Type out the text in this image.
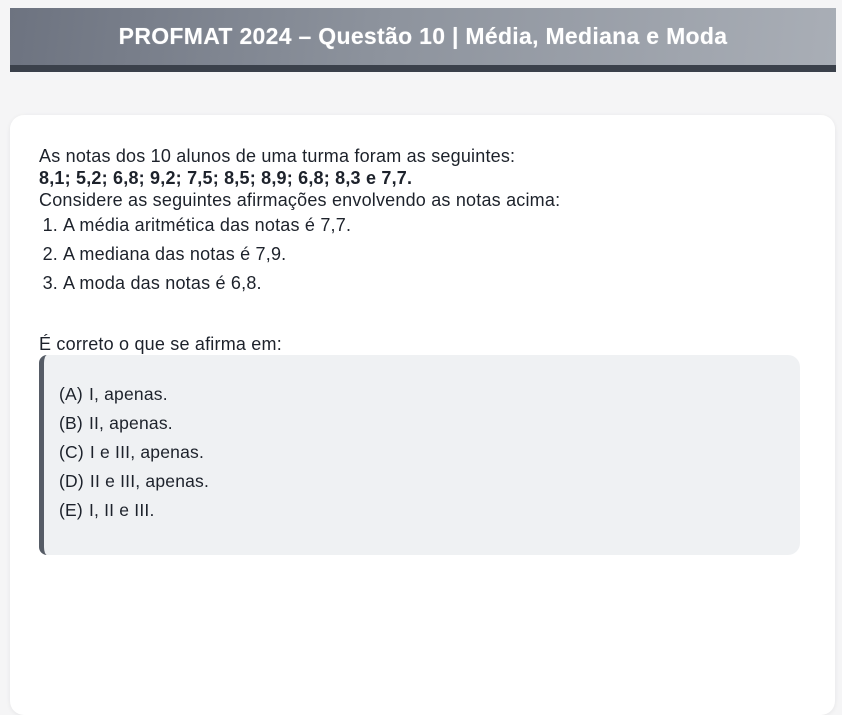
PROFMAT 2024 – Questão 10 | Média, Mediana e Moda

As notas dos 10 alunos de uma turma foram as seguintes:

8,1; 5,2; 6,8; 9,2; 7,5; 8,5; 8,9; 6,8; 8,3 e 7,7.

Considere as seguintes afirmações envolvendo as notas acima:

1. A média aritmética das notas é 7,7.
2. A mediana das notas é 7,9.
3. A moda das notas é 6,8.

É correto o que se afirma em:

(A) I, apenas.
(B) II, apenas.
(C) I e III, apenas.
(D) II e III, apenas.
(E) I, II e III.
